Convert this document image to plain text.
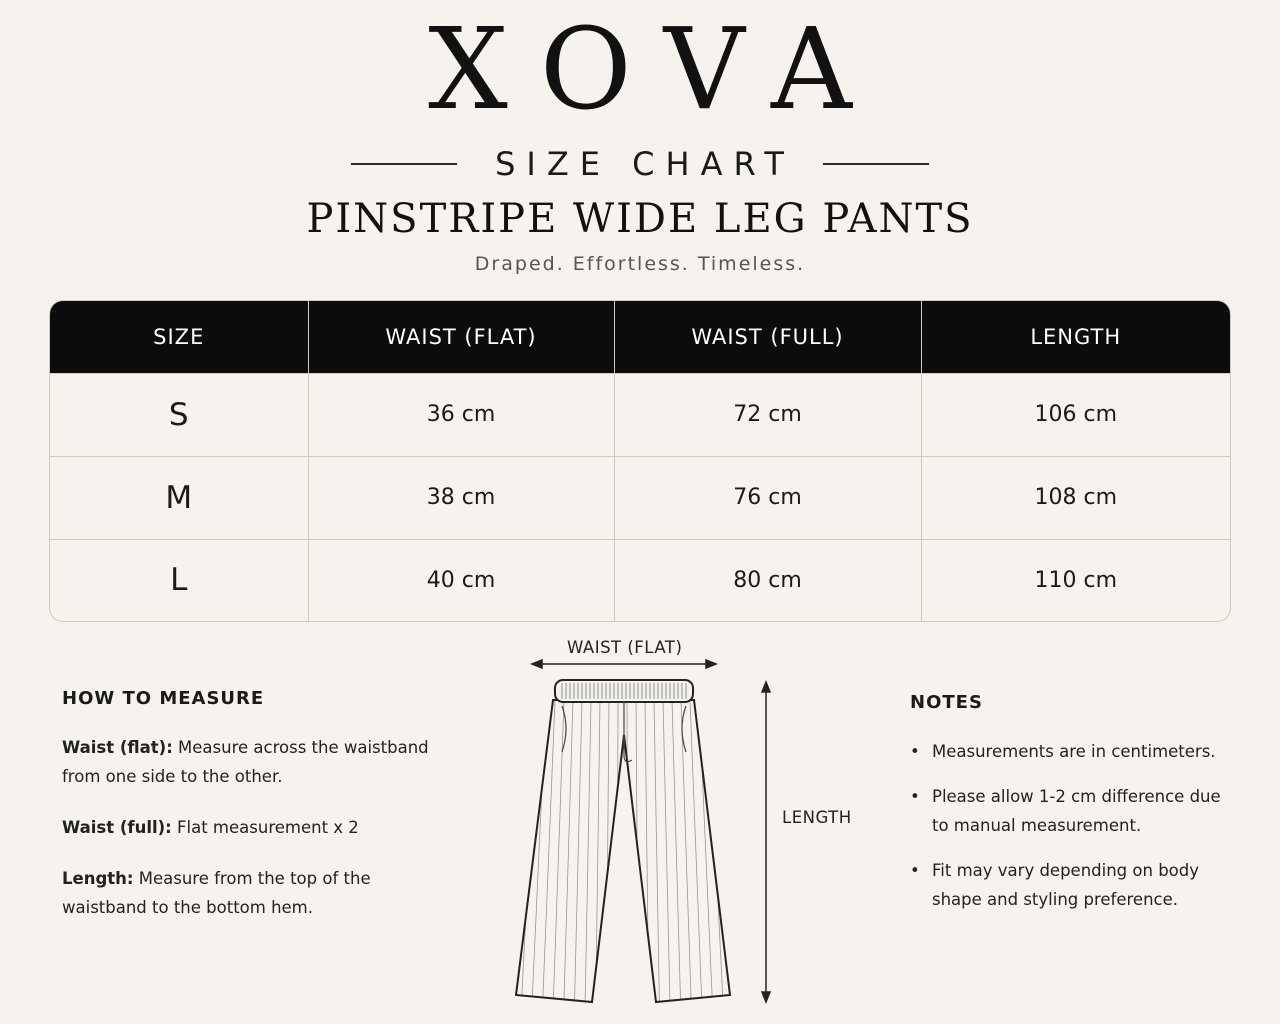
XOVA
SIZE CHART
PINSTRIPE WIDE LEG PANTS
Draped. Effortless. Timeless.
SIZE	WAIST (FLAT)	WAIST (FULL)	LENGTH
S	36 cm	72 cm	106 cm
M	38 cm	76 cm	108 cm
L	40 cm	80 cm	110 cm
HOW TO MEASURE

Waist (flat): Measure across the waistband from one side to the other.

Waist (full): Flat measurement x 2

Length: Measure from the top of the waistband to the bottom hem.

WAIST (FLAT)
LENGTH
NOTES
• Measurements are in centimeters.
• Please allow 1-2 cm difference due to manual measurement.
• Fit may vary depending on body shape and styling preference.
